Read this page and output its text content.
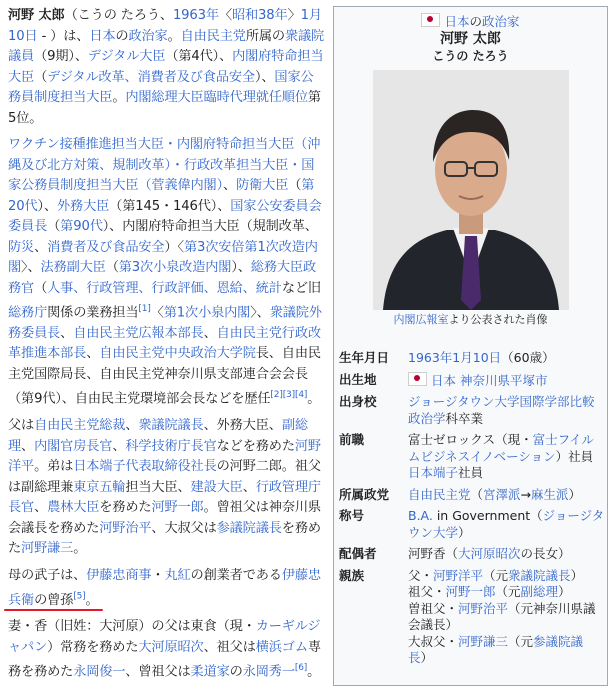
河野 太郎（こうの たろう、1963年〈昭和38年〉1月10日 - ）は、日本の政治家。自由民主党所属の衆議院議員（9期）、デジタル大臣（第4代）、内閣府特命担当大臣（デジタル改革、消費者及び食品安全）、国家公務員制度担当大臣。内閣総理大臣臨時代理就任順位第5位。

ワクチン接種推進担当大臣・内閣府特命担当大臣（沖縄及び北方対策、規制改革）・行政改革担当大臣・国家公務員制度担当大臣（菅義偉内閣）、防衛大臣（第20代）、外務大臣（第145・146代）、国家公安委員会委員長（第90代）、内閣府特命担当大臣（規制改革、防災、消費者及び食品安全）〈第3次安倍第1次改造内閣〉、法務副大臣（第3次小泉改造内閣）、総務大臣政務官（人事、行政管理、行政評価、恩給、統計など旧総務庁関係の業務担当[1]〈第1次小泉内閣〉、衆議院外務委員長、自由民主党広報本部長、自由民主党行政改革推進本部長、自由民主党中央政治大学院長、自由民主党国際局長、自由民主党神奈川県支部連合会会長（第9代）、自由民主党環境部会長などを歴任[2][3][4]。

父は自由民主党総裁、衆議院議長、外務大臣、副総理、内閣官房長官、科学技術庁長官などを務めた河野洋平。弟は日本端子代表取締役社長の河野二郎。祖父は副総理兼東京五輪担当大臣、建設大臣、行政管理庁長官、農林大臣を務めた河野一郎。曾祖父は神奈川県会議長を務めた河野治平、大叔父は参議院議長を務めた河野謙三。

母の武子は、伊藤忠商事・丸紅の創業者である伊藤忠兵衛の曾孫[5]。

妻・香（旧姓：大河原）の父は東食（現・カーギルジャパン）常務を務めた大河原昭次、祖父は横浜ゴム専務を務めた永岡俊一、曾祖父は柔道家の永岡秀一[6]。

日本の政治家
河野 太郎
こうの たろう
内閣広報室より公表された肖像
生年月日	1963年1月10日（60歳）
出生地	日本 神奈川県平塚市
出身校	ジョージタウン大学国際学部比較政治学科卒業
前職	富士ゼロックス（現・富士フイルムビジネスイノベーション）社員
日本端子社員
所属政党	自由民主党（宮澤派→麻生派）
称号	B.A. in Government（ジョージタウン大学）
配偶者	河野香（大河原昭次の長女）
親族	父・河野洋平（元衆議院議長）
祖父・河野一郎（元副総理）
曽祖父・河野治平（元神奈川県議会議長）
大叔父・河野謙三（元参議院議長）
